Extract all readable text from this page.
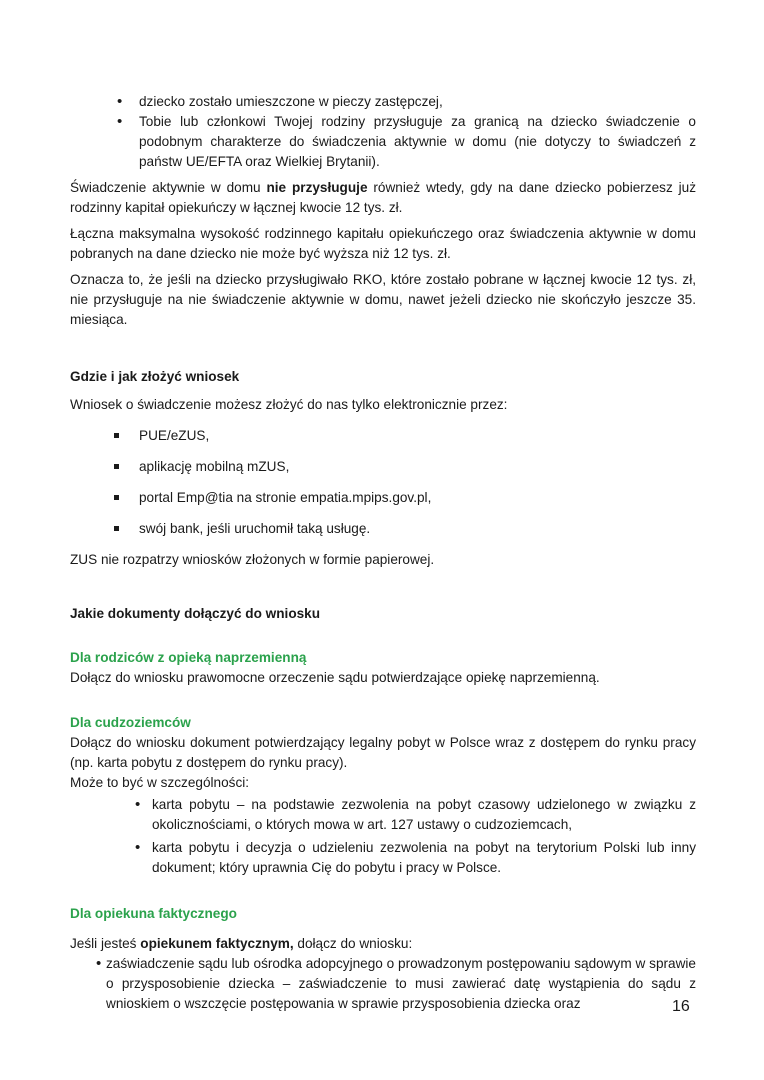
• dziecko zostało umieszczone w pieczy zastępczej,
• Tobie lub członkowi Twojej rodziny przysługuje za granicą na dziecko świadczenie o podobnym charakterze do świadczenia aktywnie w domu (nie dotyczy to świadczeń z państw UE/EFTA oraz Wielkiej Brytanii).

Świadczenie aktywnie w domu nie przysługuje również wtedy, gdy na dane dziecko pobierzesz już rodzinny kapitał opiekuńczy w łącznej kwocie 12 tys. zł.

Łączna maksymalna wysokość rodzinnego kapitału opiekuńczego oraz świadczenia aktywnie w domu pobranych na dane dziecko nie może być wyższa niż 12 tys. zł.

Oznacza to, że jeśli na dziecko przysługiwało RKO, które zostało pobrane w łącznej kwocie 12 tys. zł, nie przysługuje na nie świadczenie aktywnie w domu, nawet jeżeli dziecko nie skończyło jeszcze 35. miesiąca.

Gdzie i jak złożyć wniosek

Wniosek o świadczenie możesz złożyć do nas tylko elektronicznie przez:

PUE/eZUS,
aplikację mobilną mZUS,
portal Emp@tia na stronie empatia.mpips.gov.pl,
swój bank, jeśli uruchomił taką usługę.

ZUS nie rozpatrzy wniosków złożonych w formie papierowej.

Jakie dokumenty dołączyć do wniosku
Dla rodziców z opieką naprzemienną

Dołącz do wniosku prawomocne orzeczenie sądu potwierdzające opiekę naprzemienną.

Dla cudzoziemców

Dołącz do wniosku dokument potwierdzający legalny pobyt w Polsce wraz z dostępem do rynku pracy (np. karta pobytu z dostępem do rynku pracy).

Może to być w szczególności:

• karta pobytu – na podstawie zezwolenia na pobyt czasowy udzielonego w związku z okolicznościami, o których mowa w art. 127 ustawy o cudzoziemcach,
• karta pobytu i decyzja o udzieleniu zezwolenia na pobyt na terytorium Polski lub inny dokument; który uprawnia Cię do pobytu i pracy w Polsce.
Dla opiekuna faktycznego

Jeśli jesteś opiekunem faktycznym, dołącz do wniosku:

• zaświadczenie sądu lub ośrodka adopcyjnego o prowadzonym postępowaniu sądowym w sprawie o przysposobienie dziecka – zaświadczenie to musi zawierać datę wystąpienia do sądu z wnioskiem o wszczęcie postępowania w sprawie przysposobienia dziecka oraz	16
